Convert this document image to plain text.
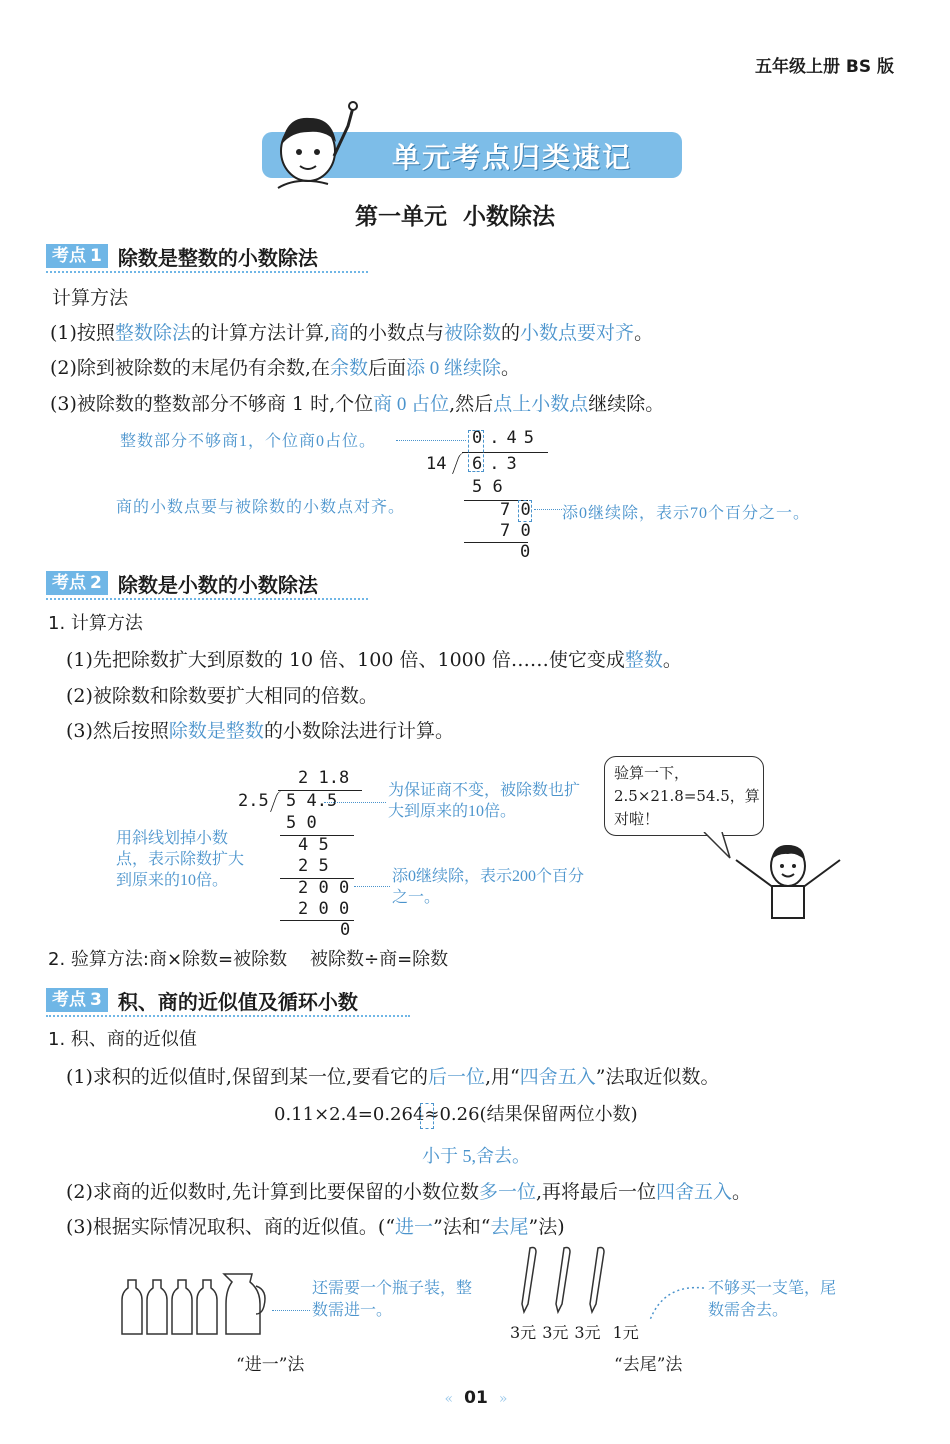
五年级上册 BS 版
单元考点归类速记
第一单元  小数除法
考点 1 除数是整数的小数除法
计算方法
(1)按照整数除法的计算方法计算,商的小数点与被除数的小数点要对齐。
(2)除到被除数的末尾仍有余数,在余数后面添 0 继续除。
(3)被除数的整数部分不够商 1 时,个位商 0 占位,然后点上小数点继续除。
0.45
14 6.3
5 6
7 0
7 0
0
整数部分不够商1，个位商0占位。
商的小数点要与被除数的小数点对齐。	添0继续除，表示70个百分之一。
考点 2 除数是小数的小数除法
1. 计算方法
(1)先把除数扩大到原数的 10 倍、100 倍、1000 倍……使它变成整数。
(2)被除数和除数要扩大相同的倍数。
(3)然后按照除数是整数的小数除法进行计算。
2 1.8
2.5 5 4.5
5 0
4 5
2 5
2 0 0
2 0 0
0
为保证商不变，被除数也扩大到原来的10倍。
用斜线划掉小数点，表示除数扩大到原来的10倍。	添0继续除，表示200个百分之一。
验算一下，2.5×21.8=54.5，算对啦！
2. 验算方法:商×除数=被除数    被除数÷商=除数
考点 3 积、商的近似值及循环小数
1. 积、商的近似值
(1)求积的近似值时,保留到某一位,要看它的后一位,用“四舍五入”法取近似数。
0.11×2.4=0.264≈0.26(结果保留两位小数)
小于 5,舍去。
(2)求商的近似数时,先计算到比要保留的小数位数多一位,再将最后一位四舍五入。
(3)根据实际情况取积、商的近似值。(“进一”法和“去尾”法)
还需要一个瓶子装，整数需进一。
“进一”法
3元 3元 3元 1元
不够买一支笔，尾数需舍去。
“去尾”法
« 01 »
